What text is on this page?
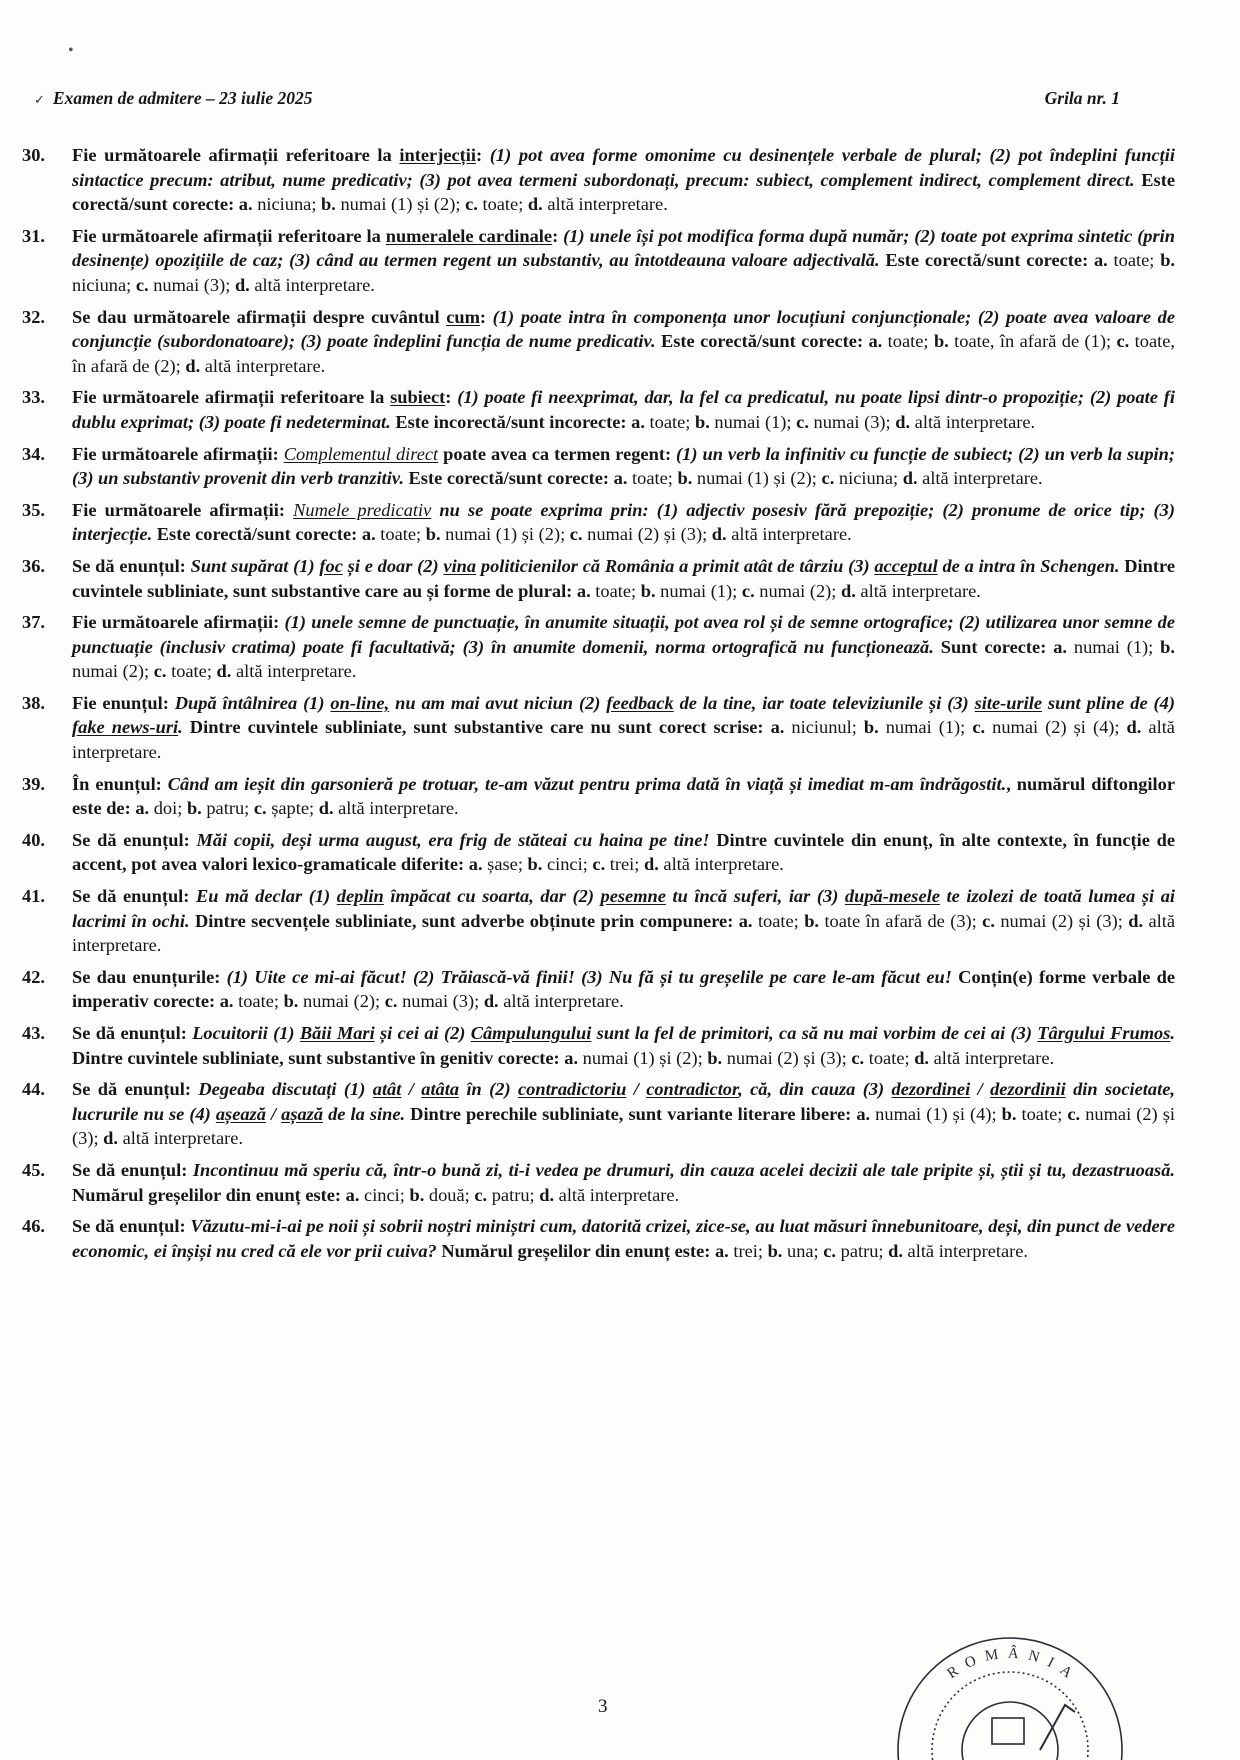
•
✓ Examen de admitere – 23 iulie 2025	Grila nr. 1
30.	Fie următoarele afirmații referitoare la interjecții: (1) pot avea forme omonime cu desinențele verbale de plural; (2) pot îndeplini funcții sintactice precum: atribut, nume predicativ; (3) pot avea termeni subordonați, precum: subiect, complement indirect, complement direct. Este corectă/sunt corecte: a. niciuna; b. numai (1) și (2); c. toate; d. altă interpretare.
31.	Fie următoarele afirmații referitoare la numeralele cardinale: (1) unele își pot modifica forma după număr; (2) toate pot exprima sintetic (prin desinențe) opozițiile de caz; (3) când au termen regent un substantiv, au întotdeauna valoare adjectivală. Este corectă/sunt corecte: a. toate; b. niciuna; c. numai (3); d. altă interpretare.
32.	Se dau următoarele afirmații despre cuvântul cum: (1) poate intra în componența unor locuțiuni conjuncționale; (2) poate avea valoare de conjuncție (subordonatoare); (3) poate îndeplini funcția de nume predicativ. Este corectă/sunt corecte: a. toate; b. toate, în afară de (1); c. toate, în afară de (2); d. altă interpretare.
33.	Fie următoarele afirmații referitoare la subiect: (1) poate fi neexprimat, dar, la fel ca predicatul, nu poate lipsi dintr-o propoziție; (2) poate fi dublu exprimat; (3) poate fi nedeterminat. Este incorectă/sunt incorecte: a. toate; b. numai (1); c. numai (3); d. altă interpretare.
34.	Fie următoarele afirmații: Complementul direct poate avea ca termen regent: (1) un verb la infinitiv cu funcție de subiect; (2) un verb la supin; (3) un substantiv provenit din verb tranzitiv. Este corectă/sunt corecte: a. toate; b. numai (1) și (2); c. niciuna; d. altă interpretare.
35.	Fie următoarele afirmații: Numele predicativ nu se poate exprima prin: (1) adjectiv posesiv fără prepoziție; (2) pronume de orice tip; (3) interjecție. Este corectă/sunt corecte: a. toate; b. numai (1) și (2); c. numai (2) și (3); d. altă interpretare.
36.	Se dă enunțul: Sunt supărat (1) foc și e doar (2) vina politicienilor că România a primit atât de târziu (3) acceptul de a intra în Schengen. Dintre cuvintele subliniate, sunt substantive care au și forme de plural: a. toate; b. numai (1); c. numai (2); d. altă interpretare.
37.	Fie următoarele afirmații: (1) unele semne de punctuație, în anumite situații, pot avea rol și de semne ortografice; (2) utilizarea unor semne de punctuație (inclusiv cratima) poate fi facultativă; (3) în anumite domenii, norma ortografică nu funcționează. Sunt corecte: a. numai (1); b. numai (2); c. toate; d. altă interpretare.
38.	Fie enunțul: După întâlnirea (1) on-line, nu am mai avut niciun (2) feedback de la tine, iar toate televiziunile și (3) site-urile sunt pline de (4) fake news-uri. Dintre cuvintele subliniate, sunt substantive care nu sunt corect scrise: a. niciunul; b. numai (1); c. numai (2) și (4); d. altă interpretare.
39.	În enunțul: Când am ieșit din garsonieră pe trotuar, te-am văzut pentru prima dată în viață și imediat m-am îndrăgostit., numărul diftongilor este de: a. doi; b. patru; c. șapte; d. altă interpretare.
40.	Se dă enunțul: Măi copii, deși urma august, era frig de stăteai cu haina pe tine! Dintre cuvintele din enunț, în alte contexte, în funcție de accent, pot avea valori lexico-gramaticale diferite: a. șase; b. cinci; c. trei; d. altă interpretare.
41.	Se dă enunțul: Eu mă declar (1) deplin împăcat cu soarta, dar (2) pesemne tu încă suferi, iar (3) după-mesele te izolezi de toată lumea și ai lacrimi în ochi. Dintre secvențele subliniate, sunt adverbe obținute prin compunere: a. toate; b. toate în afară de (3); c. numai (2) și (3); d. altă interpretare.
42.	Se dau enunțurile: (1) Uite ce mi-ai făcut! (2) Trăiască-vă finii! (3) Nu fă și tu greșelile pe care le-am făcut eu! Conțin(e) forme verbale de imperativ corecte: a. toate; b. numai (2); c. numai (3); d. altă interpretare.
43.	Se dă enunțul: Locuitorii (1) Băii Mari și cei ai (2) Câmpulungului sunt la fel de primitori, ca să nu mai vorbim de cei ai (3) Târgului Frumos. Dintre cuvintele subliniate, sunt substantive în genitiv corecte: a. numai (1) și (2); b. numai (2) și (3); c. toate; d. altă interpretare.
44.	Se dă enunțul: Degeaba discutați (1) atât / atâta în (2) contradictoriu / contradictor, că, din cauza (3) dezordinei / dezordinii din societate, lucrurile nu se (4) așează / așază de la sine. Dintre perechile subliniate, sunt variante literare libere: a. numai (1) și (4); b. toate; c. numai (2) și (3); d. altă interpretare.
45.	Se dă enunțul: Incontinuu mă speriu că, într-o bună zi, ti-i vedea pe drumuri, din cauza acelei decizii ale tale pripite și, știi și tu, dezastruoasă. Numărul greșelilor din enunț este: a. cinci; b. două; c. patru; d. altă interpretare.
46.	Se dă enunțul: Văzutu-mi-i-ai pe noii și sobrii noștri miniștri cum, datorită crizei, zice-se, au luat măsuri înnebunitoare, deși, din punct de vedere economic, ei înșiși nu cred că ele vor prii cuiva? Numărul greșelilor din enunț este: a. trei; b. una; c. patru; d. altă interpretare.
3
ROMÂNIA
